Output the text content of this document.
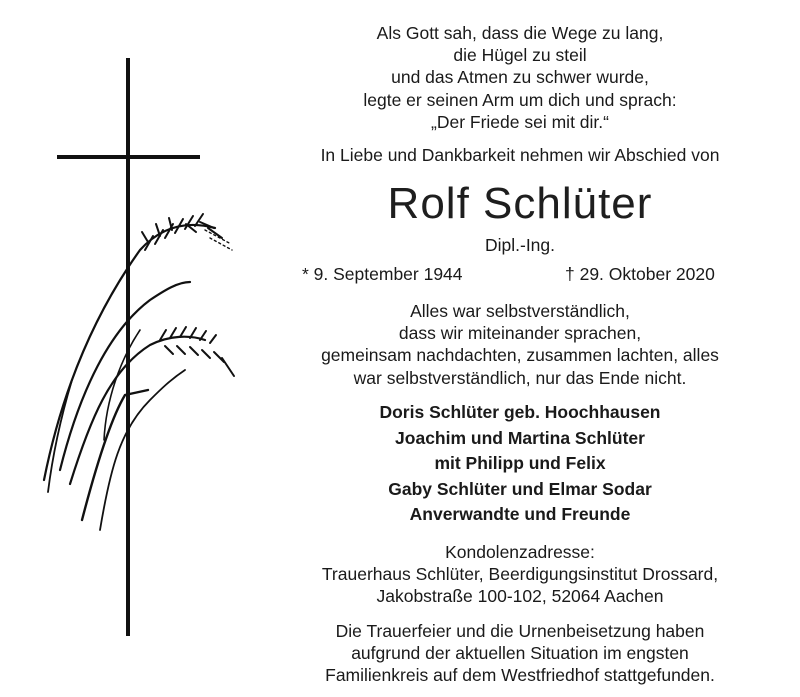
Als Gott sah, dass die Wege zu lang,
die Hügel zu steil
und das Atmen zu schwer wurde,
legte er seinen Arm um dich und sprach:
„Der Friede sei mit dir.“
In Liebe und Dankbarkeit nehmen wir Abschied von
Rolf Schlüter
Dipl.-Ing.
* 9. September 1944	† 29. Oktober 2020
Alles war selbstverständlich,
dass wir miteinander sprachen,
gemeinsam nachdachten, zusammen lachten, alles
war selbstverständlich, nur das Ende nicht.
Doris Schlüter geb. Hoochhausen
Joachim und Martina Schlüter
mit Philipp und Felix
Gaby Schlüter und Elmar Sodar
Anverwandte und Freunde
Kondolenzadresse:
Trauerhaus Schlüter, Beerdigungsinstitut Drossard,
Jakobstraße 100-102, 52064 Aachen
Die Trauerfeier und die Urnenbeisetzung haben
aufgrund der aktuellen Situation im engsten
Familienkreis auf dem Westfriedhof stattgefunden.
